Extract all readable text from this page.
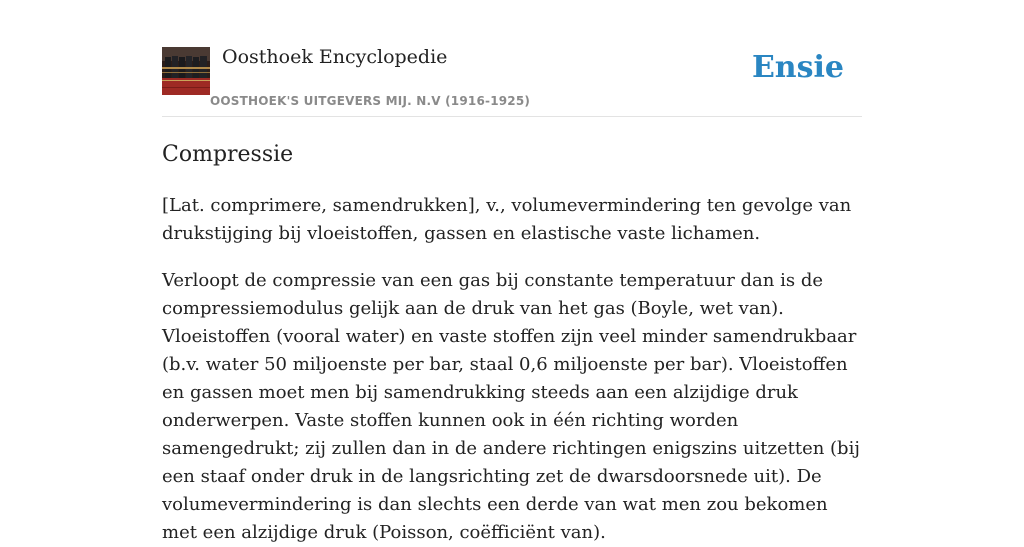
Oosthoek Encyclopedie
OOSTHOEK'S UITGEVERS MIJ. N.V (1916-1925)
Ensie
Compressie

[Lat. comprimere, samendrukken], v., volumevermindering ten gevolge van drukstijging bij vloeistoffen, gassen en elastische vaste lichamen.

Verloopt de compressie van een gas bij constante temperatuur dan is de compressiemodulus gelijk aan de druk van het gas (Boyle, wet van). Vloeistoffen (vooral water) en vaste stoffen zijn veel minder samendrukbaar (b.v. water 50 miljoenste per bar, staal 0,6 miljoenste per bar). Vloeistoffen en gassen moet men bij samendrukking steeds aan een alzijdige druk onderwerpen. Vaste stoffen kunnen ook in één richting worden samengedrukt; zij zullen dan in de andere richtingen enigszins uitzetten (bij een staaf onder druk in de langsrichting zet de dwarsdoorsnede uit). De volumevermindering is dan slechts een derde van wat men zou bekomen met een alzijdige druk (Poisson, coëfficiënt van).
